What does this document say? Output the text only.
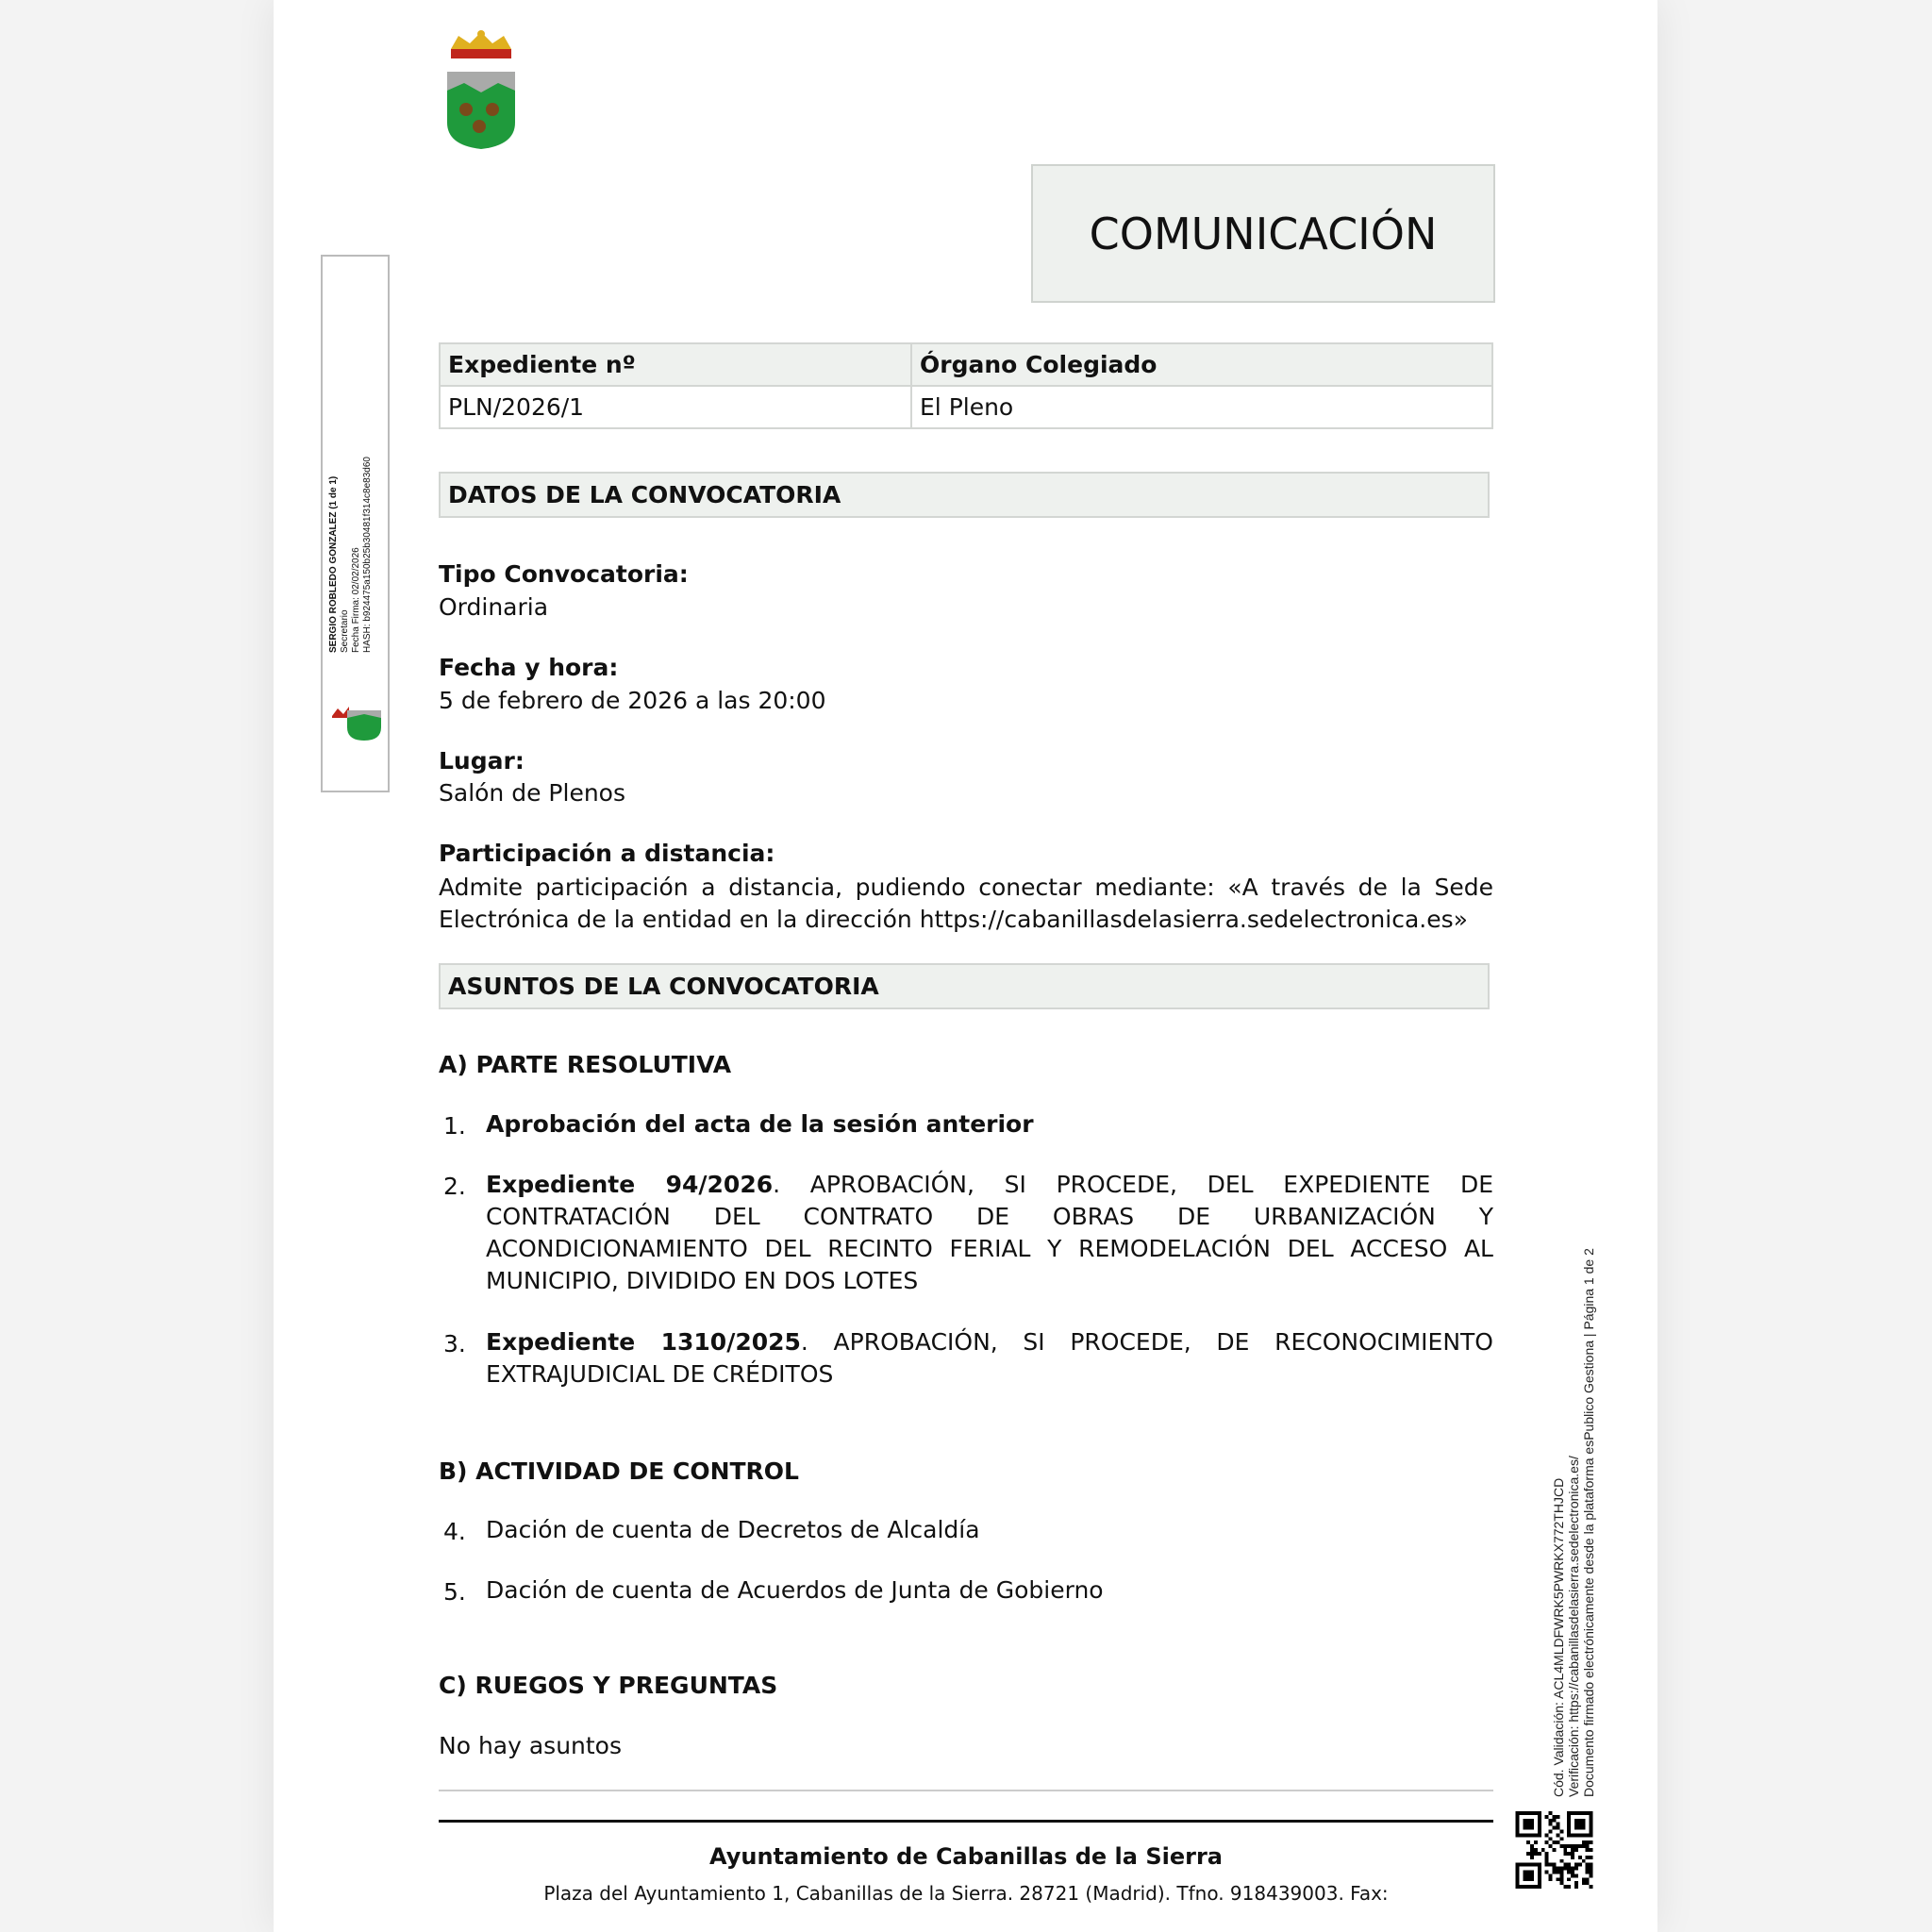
SERGIO ROBLEDO GONZALEZ (1 de 1) Secretario Fecha Firma: 02/02/2026 HASH: b924475a150b25b30481f314c8e83d60
COMUNICACIÓN
Expediente nº	Órgano Colegiado
PLN/2026/1	El Pleno
DATOS DE LA CONVOCATORIA
Tipo Convocatoria:
Ordinaria
Fecha y hora:
5 de febrero de 2026 a las 20:00
Lugar:
Salón de Plenos
Participación a distancia:
Admite participación a distancia, pudiendo conectar mediante: «A través de la Sede Electrónica de la entidad en la dirección https://cabanillasdelasierra.sedelectronica.es»
ASUNTOS DE LA CONVOCATORIA
A) PARTE RESOLUTIVA
1. Aprobación del acta de la sesión anterior
2. Expediente 94/2026. APROBACIÓN, SI PROCEDE, DEL EXPEDIENTE DE CONTRATACIÓN DEL CONTRATO DE OBRAS DE URBANIZACIÓN Y ACONDICIONAMIENTO DEL RECINTO FERIAL Y REMODELACIÓN DEL ACCESO AL MUNICIPIO, DIVIDIDO EN DOS LOTES
3. Expediente 1310/2025. APROBACIÓN, SI PROCEDE, DE RECONOCIMIENTO EXTRAJUDICIAL DE CRÉDITOS
B) ACTIVIDAD DE CONTROL
4. Dación de cuenta de Decretos de Alcaldía
5. Dación de cuenta de Acuerdos de Junta de Gobierno
C) RUEGOS Y PREGUNTAS
No hay asuntos
Ayuntamiento de Cabanillas de la Sierra
Plaza del Ayuntamiento 1, Cabanillas de la Sierra. 28721 (Madrid). Tfno. 918439003. Fax:
Cód. Validación: ACL4MLDFWRK5PWRKX772THJCD Verificación: https://cabanillasdelasierra.sedelectronica.es/ Documento firmado electrónicamente desde la plataforma esPublico Gestiona | Página 1 de 2
